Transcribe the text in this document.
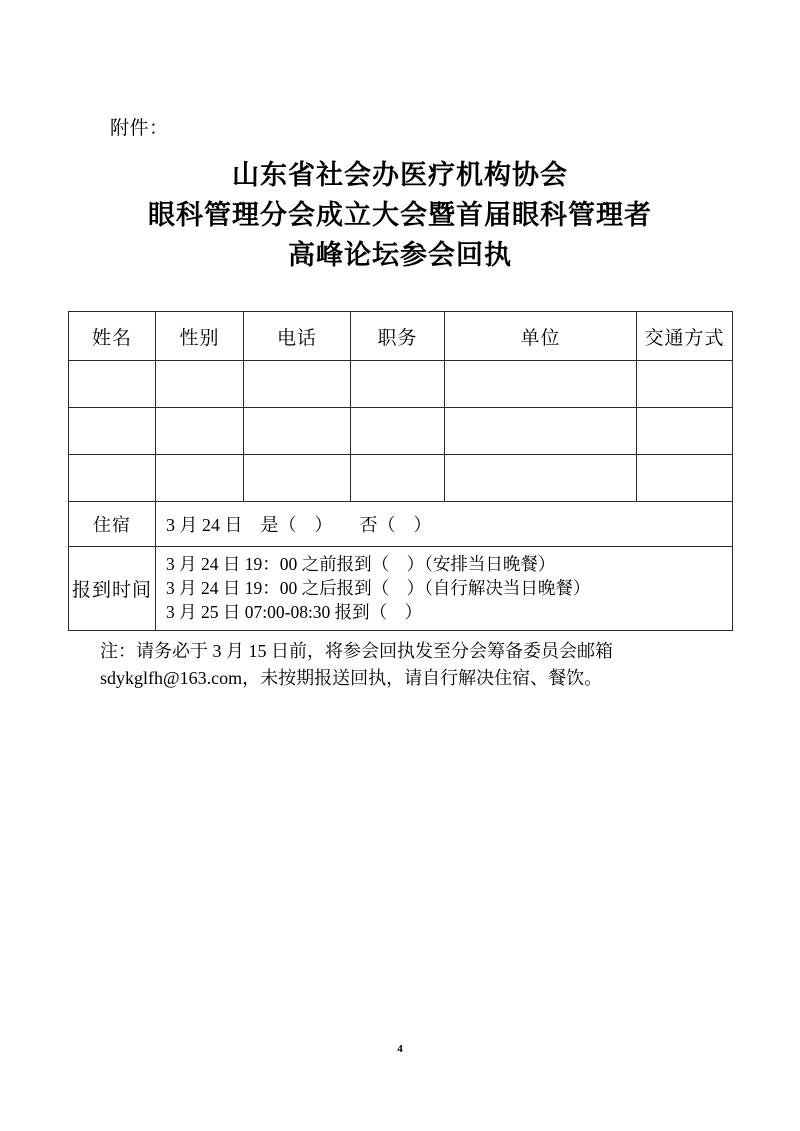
附件：
山东省社会办医疗机构协会
眼科管理分会成立大会暨首届眼科管理者
高峰论坛参会回执
姓名	性别	电话	职务	单位	交通方式

住宿	3 月 24 日　是（　）　　否（　）				
报到时间	3 月 24 日 19：00 之前报到（　）（安排当日晚餐）
3 月 24 日 19：00 之后报到（　）（自行解决当日晚餐）
3 月 25 日 07:00-08:30 报到（　）				
注：请务必于 3 月 15 日前，将参会回执发至分会筹备委员会邮箱
sdykglfh@163.com，未按期报送回执，请自行解决住宿、餐饮。
4
